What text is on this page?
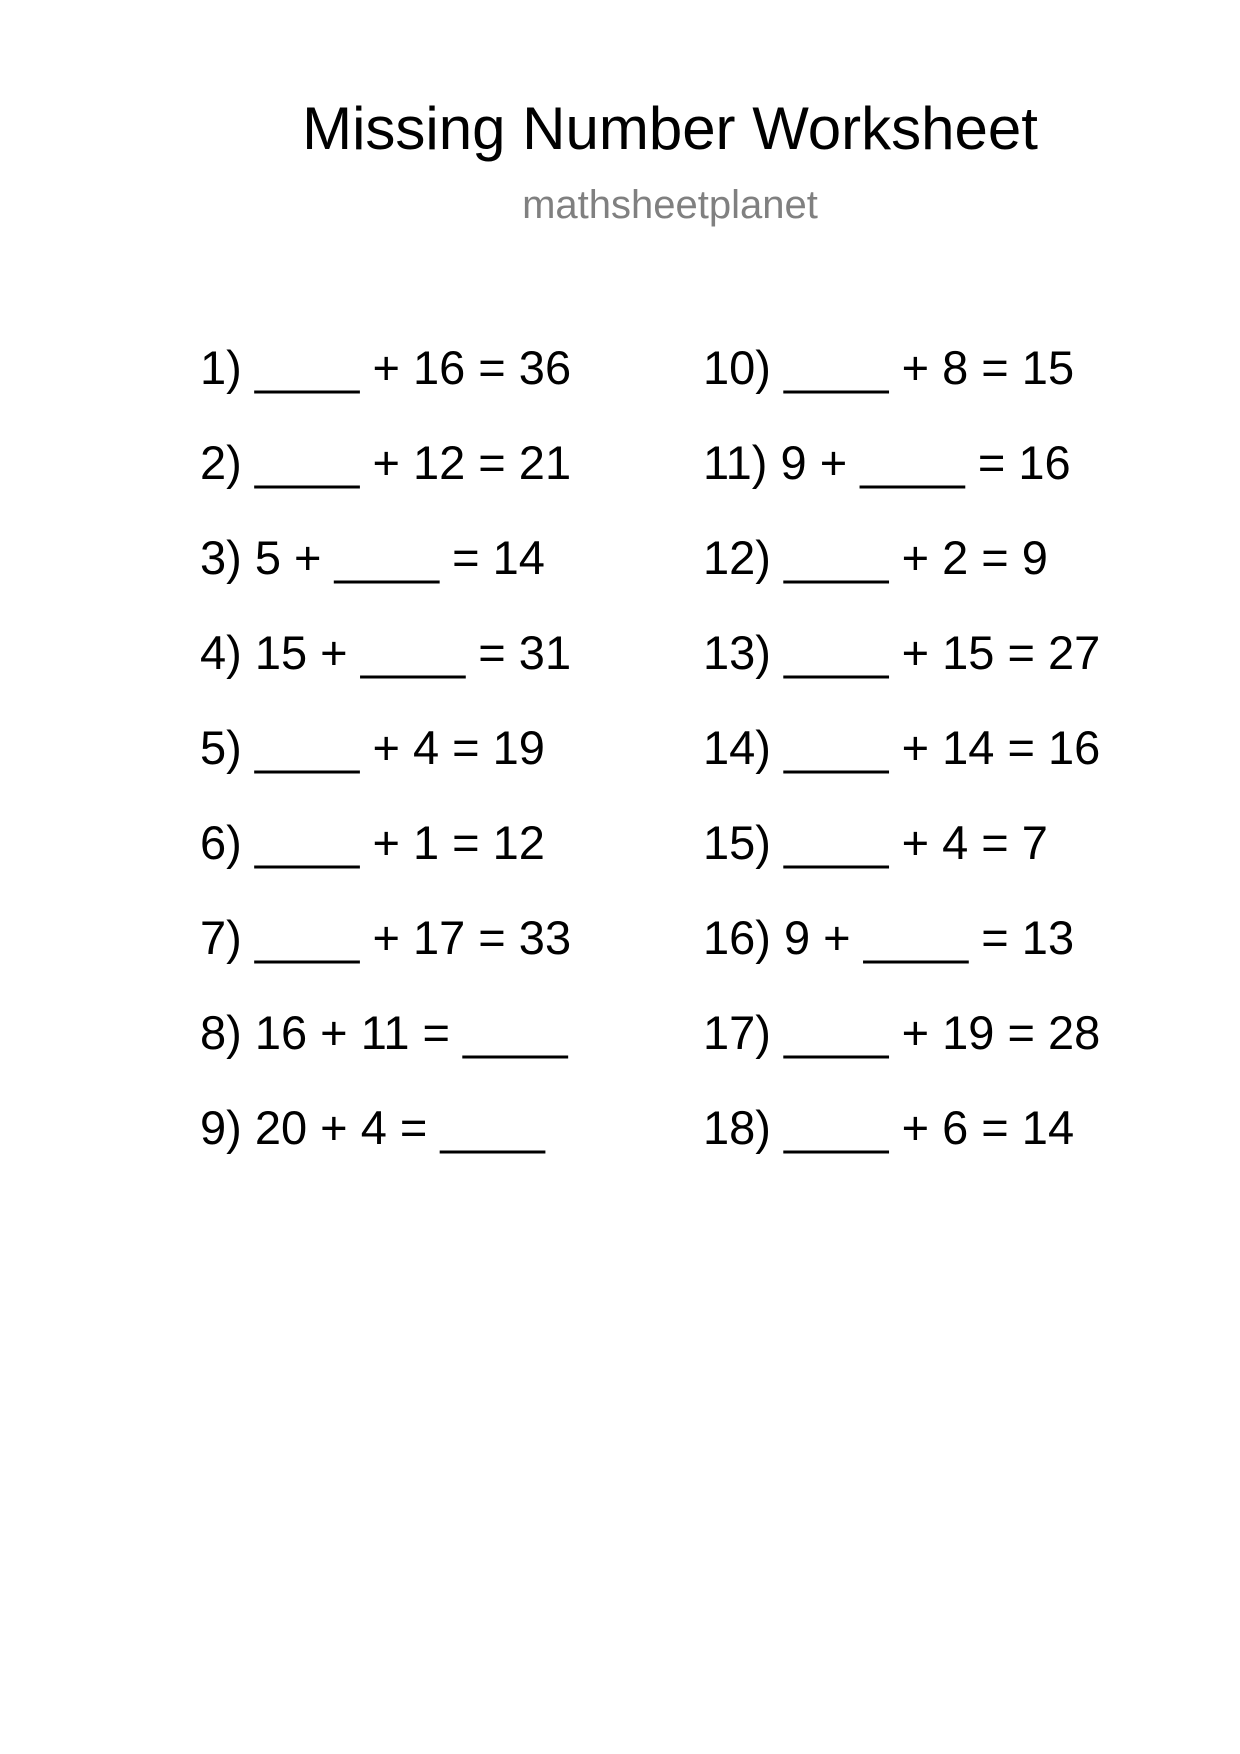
Missing Number Worksheet
mathsheetplanet
1) ____ + 16 = 36
2) ____ + 12 = 21
3) 5 + ____ = 14
4) 15 + ____ = 31
5) ____ + 4 = 19
6) ____ + 1 = 12
7) ____ + 17 = 33
8) 16 + 11 = ____
9) 20 + 4 = ____
10) ____ + 8 = 15
11) 9 + ____ = 16
12) ____ + 2 = 9
13) ____ + 15 = 27
14) ____ + 14 = 16
15) ____ + 4 = 7
16) 9 + ____ = 13
17) ____ + 19 = 28
18) ____ + 6 = 14
